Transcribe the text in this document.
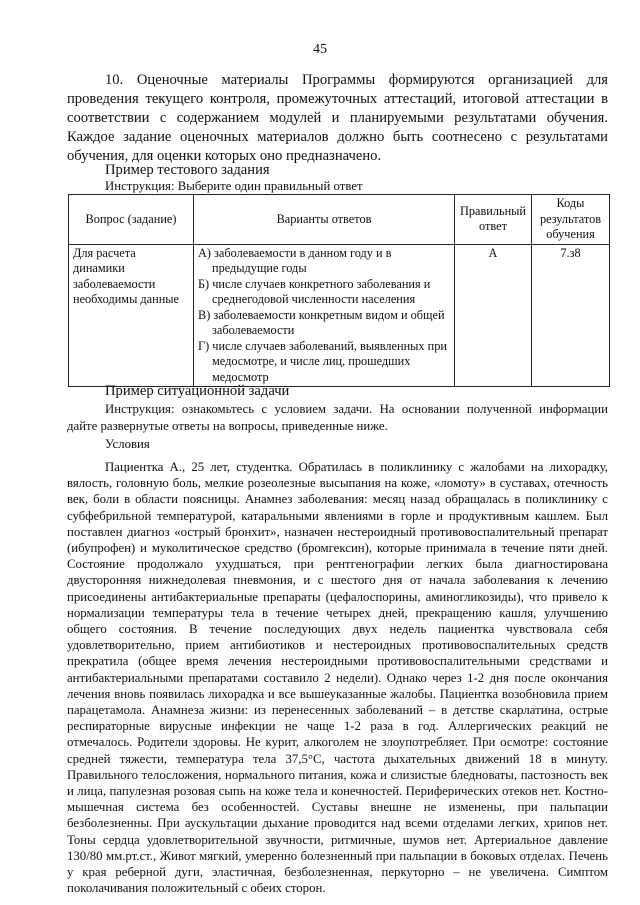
45
10. Оценочные материалы Программы формируются организацией для проведения текущего контроля, промежуточных аттестаций, итоговой аттестации в соответствии с содержанием модулей и планируемыми результатами обучения. Каждое задание оценочных материалов должно быть соотнесено с результатами обучения, для оценки которых оно предназначено.
Пример тестового задания
Инструкция: Выберите один правильный ответ
Вопрос (задание)	Варианты ответов	Правильный ответ	Коды результатов обучения
Для расчета динамики заболеваемости необходимы данные	А) заболеваемости в данном году и в предыдущие годы
Б) числе случаев конкретного заболевания и среднегодовой численности населения
В) заболеваемости конкретным видом и общей заболеваемости
Г) числе случаев заболеваний, выявленных при медосмотре, и числе лиц, прошедших медосмотр	А	7.з8
Пример ситуационной задачи
Инструкция: ознакомьтесь с условием задачи. На основании полученной информации дайте развернутые ответы на вопросы, приведенные ниже.
Условия
Пациентка А., 25 лет, студентка. Обратилась в поликлинику с жалобами на лихорадку, вялость, головную боль, мелкие розеолезные высыпания на коже, «ломоту» в суставах, отечность век, боли в области поясницы. Анамнез заболевания: месяц назад обращалась в поликлинику с субфебрильной температурой, катаральными явлениями в горле и продуктивным кашлем. Был поставлен диагноз «острый бронхит», назначен нестероидный противовоспалительный препарат (ибупрофен) и муколитическое средство (бромгексин), которые принимала в течение пяти дней. Состояние продолжало ухудшаться, при рентгенографии легких была диагностирована двусторонняя нижнедолевая пневмония, и с шестого дня от начала заболевания к лечению присоединены антибактериальные препараты (цефалоспорины, аминогликозиды), что привело к нормализации температуры тела в течение четырех дней, прекращению кашля, улучшению общего состояния. В течение последующих двух недель пациентка чувствовала себя удовлетворительно, прием антибиотиков и нестероидных противовоспалительных средств прекратила (общее время лечения нестероидными противовоспалительными средствами и антибактериальными препаратами составило 2 недели). Однако через 1-2 дня после окончания лечения вновь появилась лихорадка и все вышеуказанные жалобы. Пациентка возобновила прием парацетамола. Анамнеза жизни: из перенесенных заболеваний – в детстве скарлатина, острые респираторные вирусные инфекции не чаще 1-2 раза в год. Аллергических реакций не отмечалось. Родители здоровы. Не курит, алкоголем не злоупотребляет. При осмотре: состояние средней тяжести, температура тела 37,5°С, частота дыхательных движений 18 в минуту. Правильного телосложения, нормального питания, кожа и слизистые бледноваты, пастозность век и лица, папулезная розовая сыпь на коже тела и конечностей. Периферических отеков нет. Костно-мышечная система без особенностей. Суставы внешне не изменены, при пальпации безболезненны. При аускультации дыхание проводится над всеми отделами легких, хрипов нет. Тоны сердца удовлетворительной звучности, ритмичные, шумов нет. Артериальное давление 130/80 мм.рт.ст., Живот мягкий, умеренно болезненный при пальпации в боковых отделах. Печень у края реберной дуги, эластичная, безболезненная, перкуторно – не увеличена. Симптом поколачивания положительный с обеих сторон.
